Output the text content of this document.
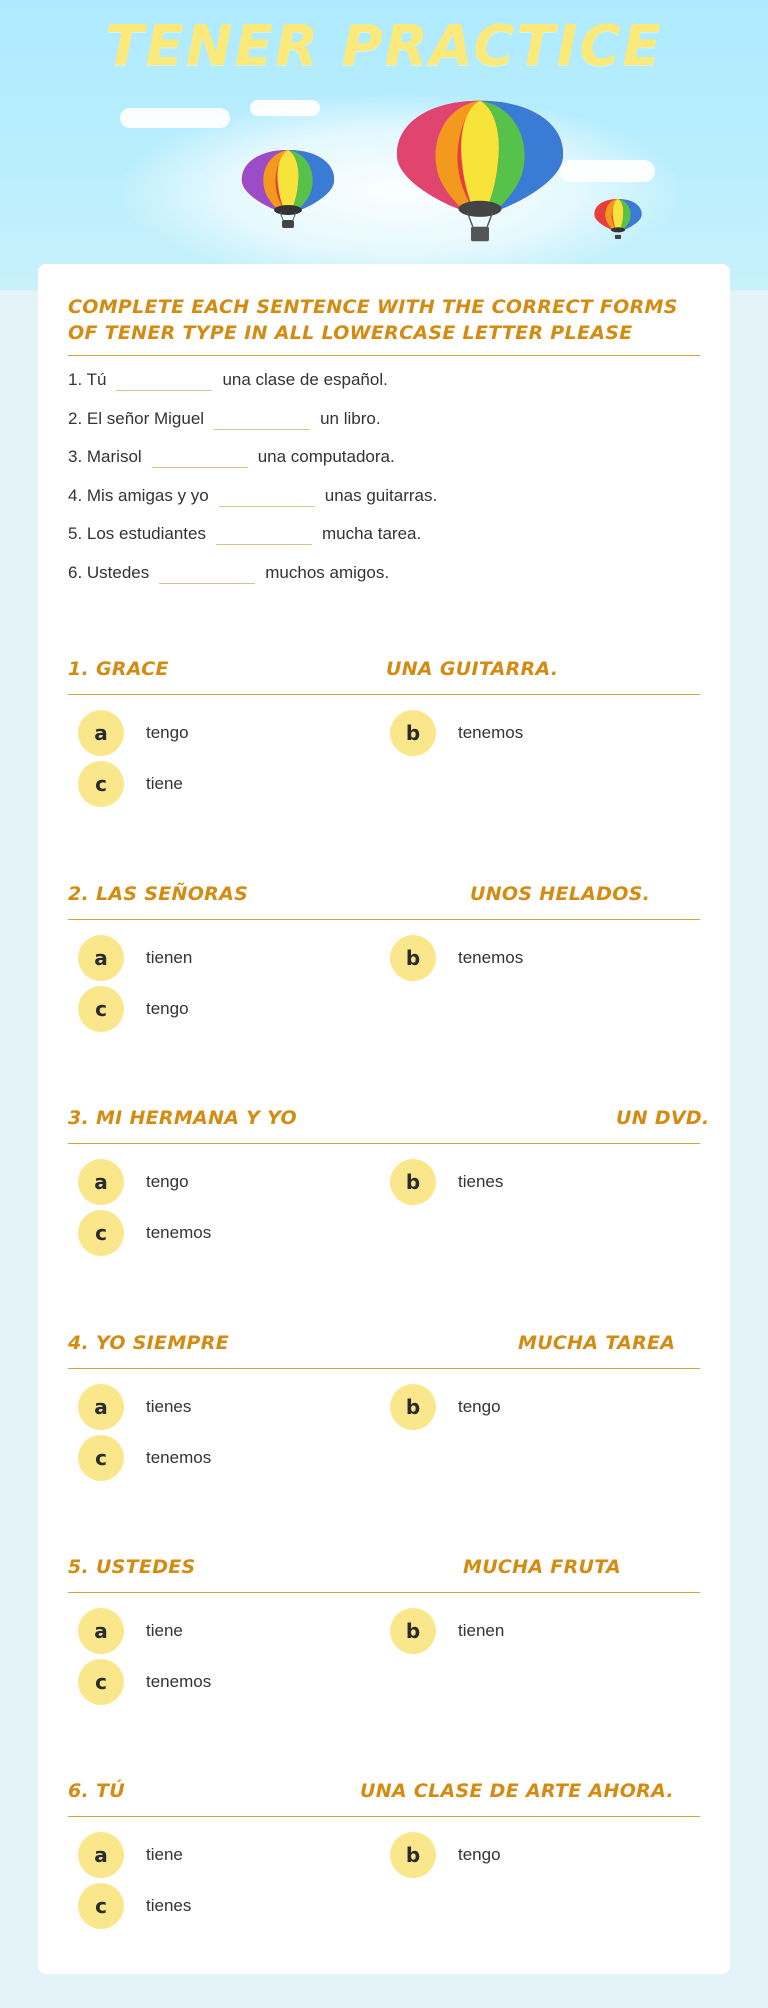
TENER PRACTICE
COMPLETE EACH SENTENCE WITH THE CORRECT FORMS OF TENER TYPE IN ALL LOWERCASE LETTER PLEASE
1. Tú	una clase de español.
2. El señor Miguel	un libro.
3. Marisol	una computadora.
4. Mis amigas y yo	unas guitarras.
5. Los estudiantes	mucha tarea.
6. Ustedes	muchos amigos.
1. GRACE	UNA GUITARRA.
a	tengo	b	tenemos
c	tiene
2. LAS SEÑORAS	UNOS HELADOS.
a	tienen	b	tenemos
c	tengo
3. MI HERMANA Y YO	UN DVD.
a	tengo	b	tienes
c	tenemos
4. YO SIEMPRE	MUCHA TAREA
a	tienes	b	tengo
c	tenemos
5. USTEDES	MUCHA FRUTA
a	tiene	b	tienen
c	tenemos
6. TÚ	UNA CLASE DE ARTE AHORA.
a	tiene	b	tengo
c	tienes
